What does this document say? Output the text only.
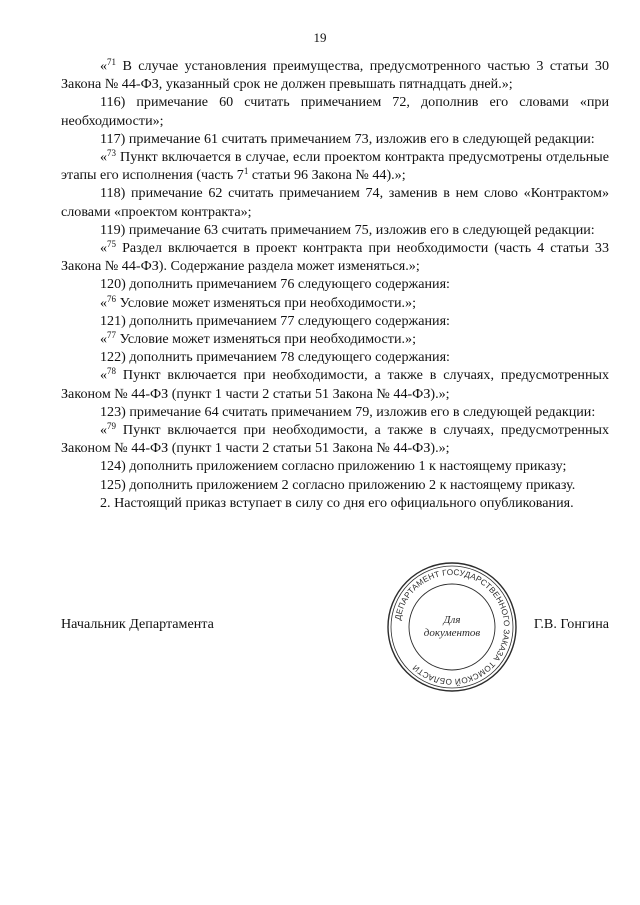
19

«$^{71}$ В случае установления преимущества, предусмотренного частью 3 статьи 30 Закона № 44-ФЗ, указанный срок не должен превышать пятнадцать дней.»;

116) примечание 60 считать примечанием 72, дополнив его словами «при необходимости»;

117) примечание 61 считать примечанием 73, изложив его в следующей редакции:

«$^{73}$ Пункт включается в случае, если проектом контракта предусмотрены отдельные этапы его исполнения (часть $7^1$ статьи 96 Закона № 44).»;

118) примечание 62 считать примечанием 74, заменив в нем слово «Контрактом» словами «проектом контракта»;

119) примечание 63 считать примечанием 75, изложив его в следующей редакции:

«$^{75}$ Раздел включается в проект контракта при необходимости (часть 4 статьи 33 Закона № 44-ФЗ). Содержание раздела может изменяться.»;

120) дополнить примечанием 76 следующего содержания:

«$^{76}$ Условие может изменяться при необходимости.»;

121) дополнить примечанием 77 следующего содержания:

«$^{77}$ Условие может изменяться при необходимости.»;

122) дополнить примечанием 78 следующего содержания:

«$^{78}$ Пункт включается при необходимости, а также в случаях, предусмотренных Законом № 44-ФЗ (пункт 1 части 2 статьи 51 Закона № 44-ФЗ).»;

123) примечание 64 считать примечанием 79, изложив его в следующей редакции:

«$^{79}$ Пункт включается при необходимости, а также в случаях, предусмотренных Законом № 44-ФЗ (пункт 1 части 2 статьи 51 Закона № 44-ФЗ).»;

124) дополнить приложением согласно приложению 1 к настоящему приказу;

125) дополнить приложением 2 согласно приложению 2 к настоящему приказу.

2. Настоящий приказ вступает в силу со дня его официального опубликования.

Начальник Департамента	Г.В. Гонгина
ДЕПАРТАМЕНТ ГОСУДАРСТВЕННОГО ЗАКАЗА ТОМСКОЙ ОБЛАСТИ
Для
документов
